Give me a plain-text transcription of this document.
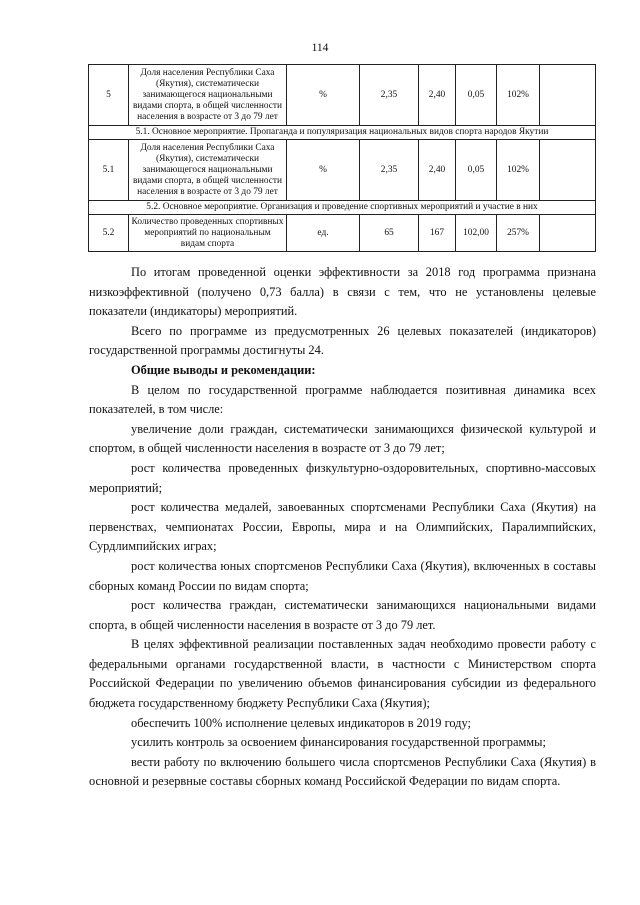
114
5	Доля населения Республики Саха (Якутия), систематически занимающегося национальными видами спорта, в общей численности населения в возрасте от 3 до 79 лет	%	2,35	2,40	0,05	102%	
5.1. Основное мероприятие. Пропаганда и популяризация национальных видов спорта народов Якутии							
5.1	Доля населения Республики Саха (Якутия), систематически занимающегося национальными видами спорта, в общей численности населения в возрасте от 3 до 79 лет	%	2,35	2,40	0,05	102%	
5.2. Основное мероприятие. Организация и проведение спортивных мероприятий и участие в них							
5.2	Количество проведенных спортивных мероприятий по национальным видам спорта	ед.	65	167	102,00	257%	

По итогам проведенной оценки эффективности за 2018 год программа признана низкоэффективной (получено 0,73 балла) в связи с тем, что не установлены целевые показатели (индикаторы) мероприятий.

Всего по программе из предусмотренных 26 целевых показателей (индикаторов) государственной программы достигнуты 24.

Общие выводы и рекомендации:

В целом по государственной программе наблюдается позитивная динамика всех показателей, в том числе:

увеличение доли граждан, систематически занимающихся физической культурой и спортом, в общей численности населения в возрасте от 3 до 79 лет;

рост количества проведенных физкультурно-оздоровительных, спортивно-массовых мероприятий;

рост количества медалей, завоеванных спортсменами Республики Саха (Якутия) на первенствах, чемпионатах России, Европы, мира и на Олимпийских, Паралимпийских, Сурдлимпийских играх;

рост количества юных спортсменов Республики Саха (Якутия), включенных в составы сборных команд России по видам спорта;

рост количества граждан, систематически занимающихся национальными видами спорта, в общей численности населения в возрасте от 3 до 79 лет.

В целях эффективной реализации поставленных задач необходимо провести работу с федеральными органами государственной власти, в частности с Министерством спорта Российской Федерации по увеличению объемов финансирования субсидии из федерального бюджета государственному бюджету Республики Саха (Якутия);

обеспечить 100% исполнение целевых индикаторов в 2019 году;

усилить контроль за освоением финансирования государственной программы;

вести работу по включению большего числа спортсменов Республики Саха (Якутия) в основной и резервные составы сборных команд Российской Федерации по видам спорта.
